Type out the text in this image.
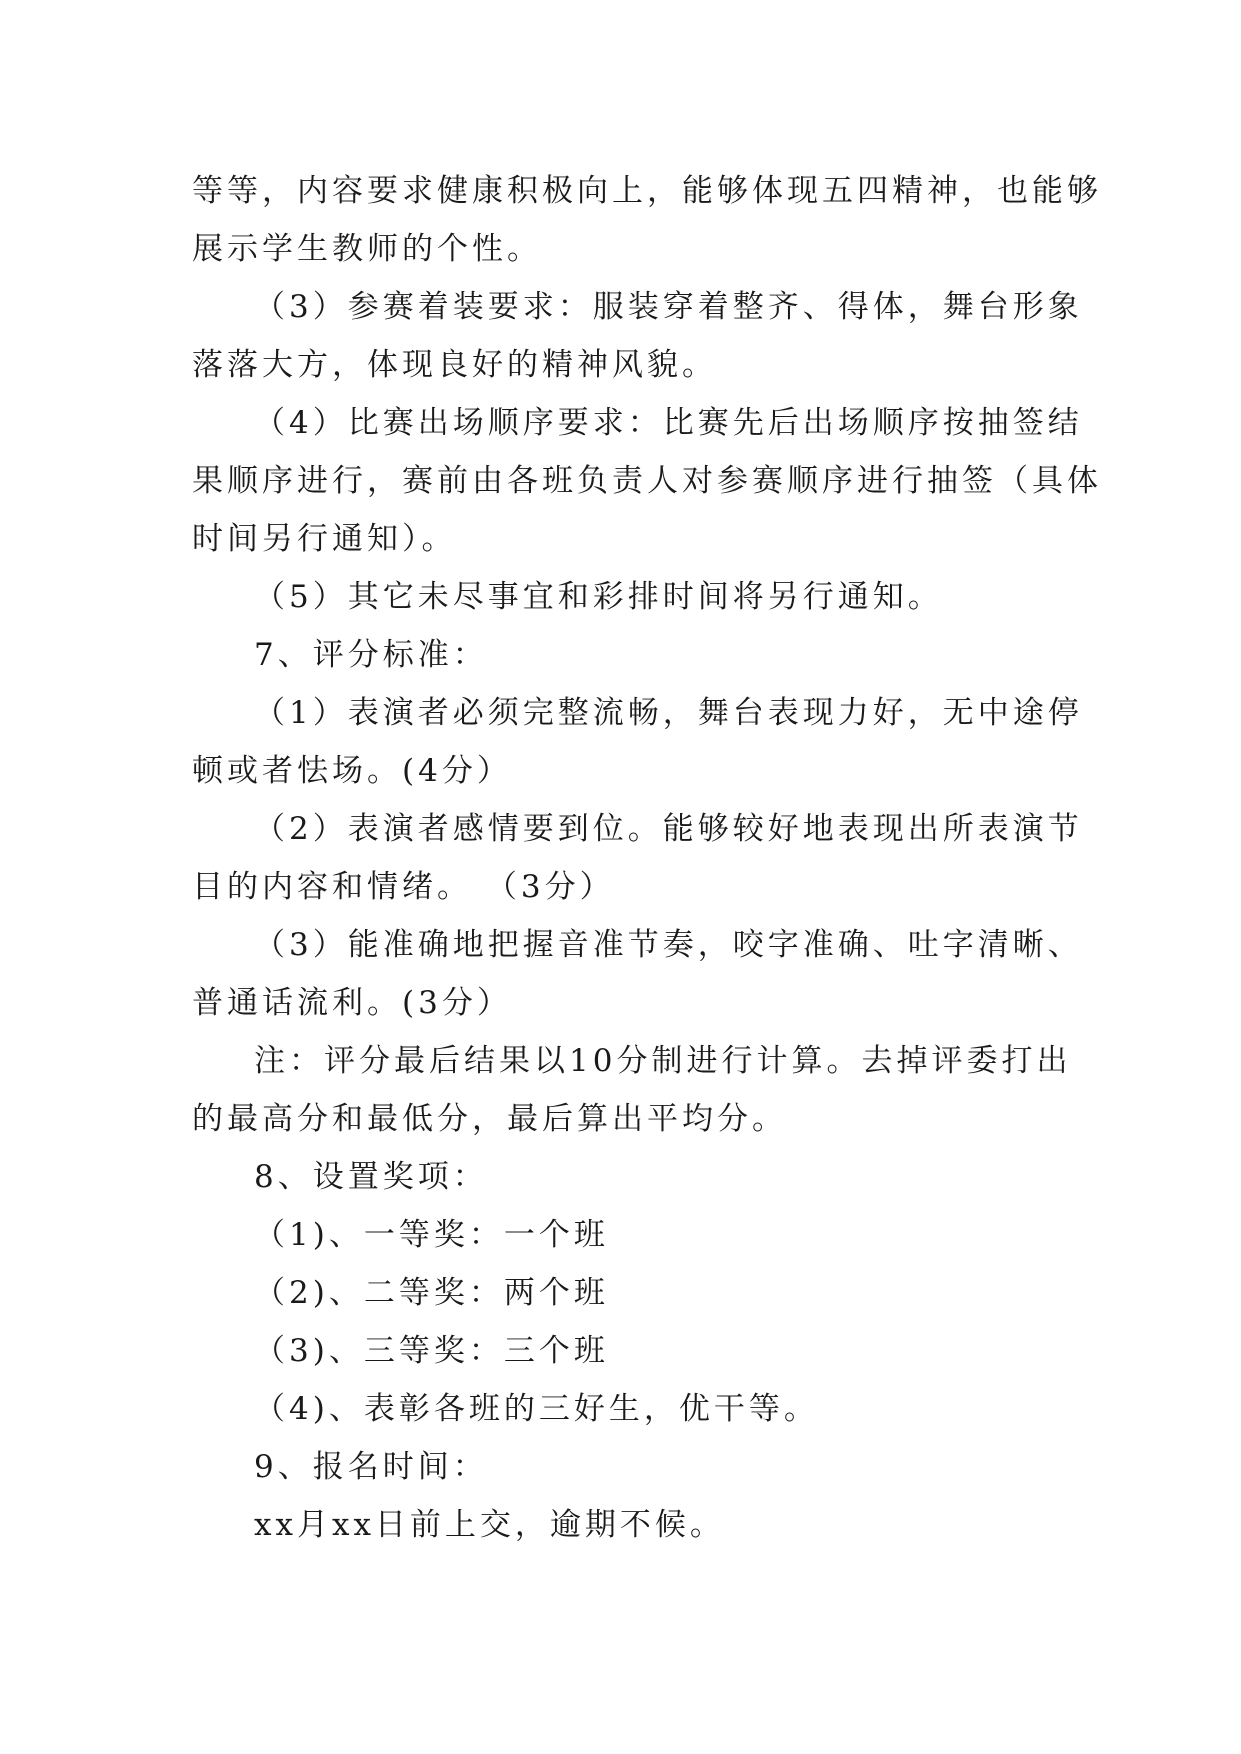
等等，内容要求健康积极向上，能够体现五四精神，也能够
展示学生教师的个性。
（3）参赛着装要求：服装穿着整齐、得体，舞台形象
落落大方，体现良好的精神风貌。
（4）比赛出场顺序要求：比赛先后出场顺序按抽签结
果顺序进行，赛前由各班负责人对参赛顺序进行抽签（具体
时间另行通知）。
（5）其它未尽事宜和彩排时间将另行通知。
7、评分标准：
（1）表演者必须完整流畅，舞台表现力好，无中途停
顿或者怯场。(4分）
（2）表演者感情要到位。能够较好地表现出所表演节
目的内容和情绪。 （3分）
（3）能准确地把握音准节奏，咬字准确、吐字清晰、
普通话流利。(3分）
注：评分最后结果以10分制进行计算。去掉评委打出
的最高分和最低分，最后算出平均分。
8、设置奖项：
（1)、一等奖：一个班
（2)、二等奖：两个班
（3)、三等奖：三个班
（4)、表彰各班的三好生，优干等。
9、报名时间：
xx月xx日前上交，逾期不候。
